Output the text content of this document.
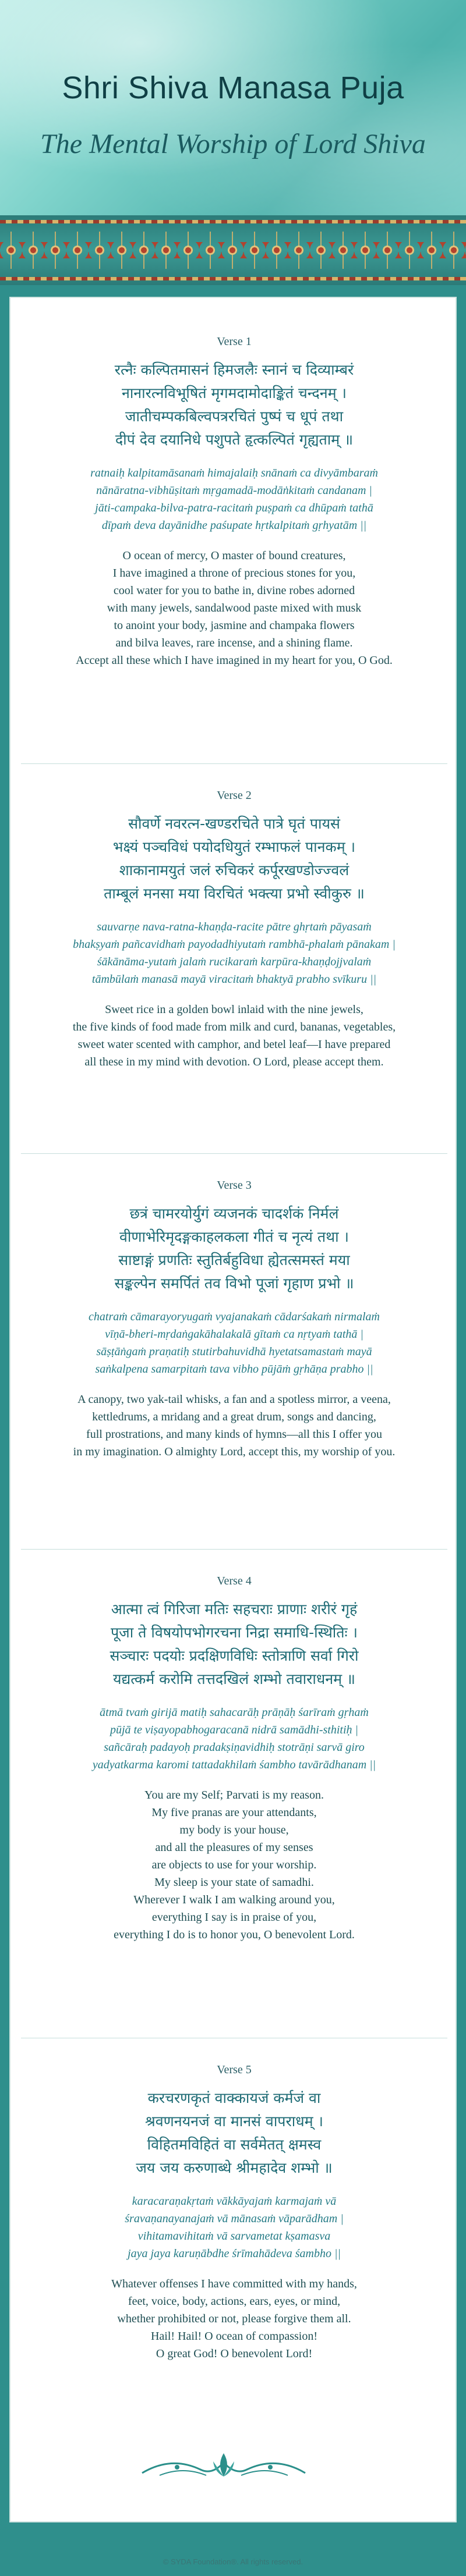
Shri Shiva Manasa Puja
The Mental Worship of Lord Shiva
Verse 1
रत्नैः कल्पितमासनं हिमजलैः स्नानं च दिव्याम्बरं
नानारत्नविभूषितं मृगमदामोदाङ्कितं चन्दनम् ।
जातीचम्पकबिल्वपत्ररचितं पुष्पं च धूपं तथा
दीपं देव दयानिधे पशुपते हृत्कल्पितं गृह्यताम् ॥
ratnaiḥ kalpitamāsanaṁ himajalaiḥ snānaṁ ca divyāmbaraṁ
nānāratna-vibhūṣitaṁ mṛgamadā-modāṅkitaṁ candanam |
jāti-campaka-bilva-patra-racitaṁ puṣpaṁ ca dhūpaṁ tathā
dīpaṁ deva dayānidhe paśupate hṛtkalpitaṁ gṛhyatām ||
O ocean of mercy, O master of bound creatures,
I have imagined a throne of precious stones for you,
cool water for you to bathe in, divine robes adorned
with many jewels, sandalwood paste mixed with musk
to anoint your body, jasmine and champaka flowers
and bilva leaves, rare incense, and a shining flame.
Accept all these which I have imagined in my heart for you, O God.
Verse 2
सौवर्णे नवरत्न-खण्डरचिते पात्रे घृतं पायसं
भक्ष्यं पञ्चविधं पयोदधियुतं रम्भाफलं पानकम् ।
शाकानामयुतं जलं रुचिकरं कर्पूरखण्डोज्ज्वलं
ताम्बूलं मनसा मया विरचितं भक्त्या प्रभो स्वीकुरु ॥
sauvarṇe nava-ratna-khaṇḍa-racite pātre ghṛtaṁ pāyasaṁ
bhakṣyaṁ pañcavidhaṁ payodadhiyutaṁ rambhā-phalaṁ pānakam |
śākānāma-yutaṁ jalaṁ rucikaraṁ karpūra-khaṇḍojjvalaṁ
tāmbūlaṁ manasā mayā viracitaṁ bhaktyā prabho svīkuru ||
Sweet rice in a golden bowl inlaid with the nine jewels,
the five kinds of food made from milk and curd, bananas, vegetables,
sweet water scented with camphor, and betel leaf—I have prepared
all these in my mind with devotion. O Lord, please accept them.
Verse 3
छत्रं चामरयोर्युगं व्यजनकं चादर्शकं निर्मलं
वीणाभेरिमृदङ्गकाहलकला गीतं च नृत्यं तथा ।
साष्टाङ्गं प्रणतिः स्तुतिर्बहुविधा ह्येतत्समस्तं मया
सङ्कल्पेन समर्पितं तव विभो पूजां गृहाण प्रभो ॥
chatraṁ cāmarayoryugaṁ vyajanakaṁ cādarśakaṁ nirmalaṁ
vīṇā-bheri-mṛdaṅgakāhalakalā gītaṁ ca nṛtyaṁ tathā |
sāṣṭāṅgaṁ praṇatiḥ stutirbahuvidhā hyetatsamastaṁ mayā
saṅkalpena samarpitaṁ tava vibho pūjāṁ gṛhāṇa prabho ||
A canopy, two yak-tail whisks, a fan and a spotless mirror, a veena,
kettledrums, a mridang and a great drum, songs and dancing,
full prostrations, and many kinds of hymns—all this I offer you
in my imagination. O almighty Lord, accept this, my worship of you.
Verse 4
आत्मा त्वं गिरिजा मतिः सहचराः प्राणाः शरीरं गृहं
पूजा ते विषयोपभोगरचना निद्रा समाधि-स्थितिः ।
सञ्चारः पदयोः प्रदक्षिणविधिः स्तोत्राणि सर्वा गिरो
यद्यत्कर्म करोमि तत्तदखिलं शम्भो तवाराधनम् ॥
ātmā tvaṁ girijā matiḥ sahacarāḥ prāṇāḥ śarīraṁ gṛhaṁ
pūjā te viṣayopabhogaracanā nidrā samādhi-sthitiḥ |
sañcāraḥ padayoḥ pradakṣiṇavidhiḥ stotrāṇi sarvā giro
yadyatkarma karomi tattadakhilaṁ śambho tavārādhanam ||
You are my Self; Parvati is my reason.
My five pranas are your attendants,
my body is your house,
and all the pleasures of my senses
are objects to use for your worship.
My sleep is your state of samadhi.
Wherever I walk I am walking around you,
everything I say is in praise of you,
everything I do is to honor you, O benevolent Lord.
Verse 5
करचरणकृतं वाक्कायजं कर्मजं वा
श्रवणनयनजं वा मानसं वापराधम् ।
विहितमविहितं वा सर्वमेतत् क्षमस्व
जय जय करुणाब्धे श्रीमहादेव शम्भो ॥
karacaraṇakṛtaṁ vākkāyajaṁ karmajaṁ vā
śravaṇanayanajaṁ vā mānasaṁ vāparādham |
vihitamavihitaṁ vā sarvametat kṣamasva
jaya jaya karuṇābdhe śrīmahādeva śambho ||
Whatever offenses I have committed with my hands,
feet, voice, body, actions, ears, eyes, or mind,
whether prohibited or not, please forgive them all.
Hail! Hail! O ocean of compassion!
O great God! O benevolent Lord!
© SYDA Foundation®. All rights reserved.
